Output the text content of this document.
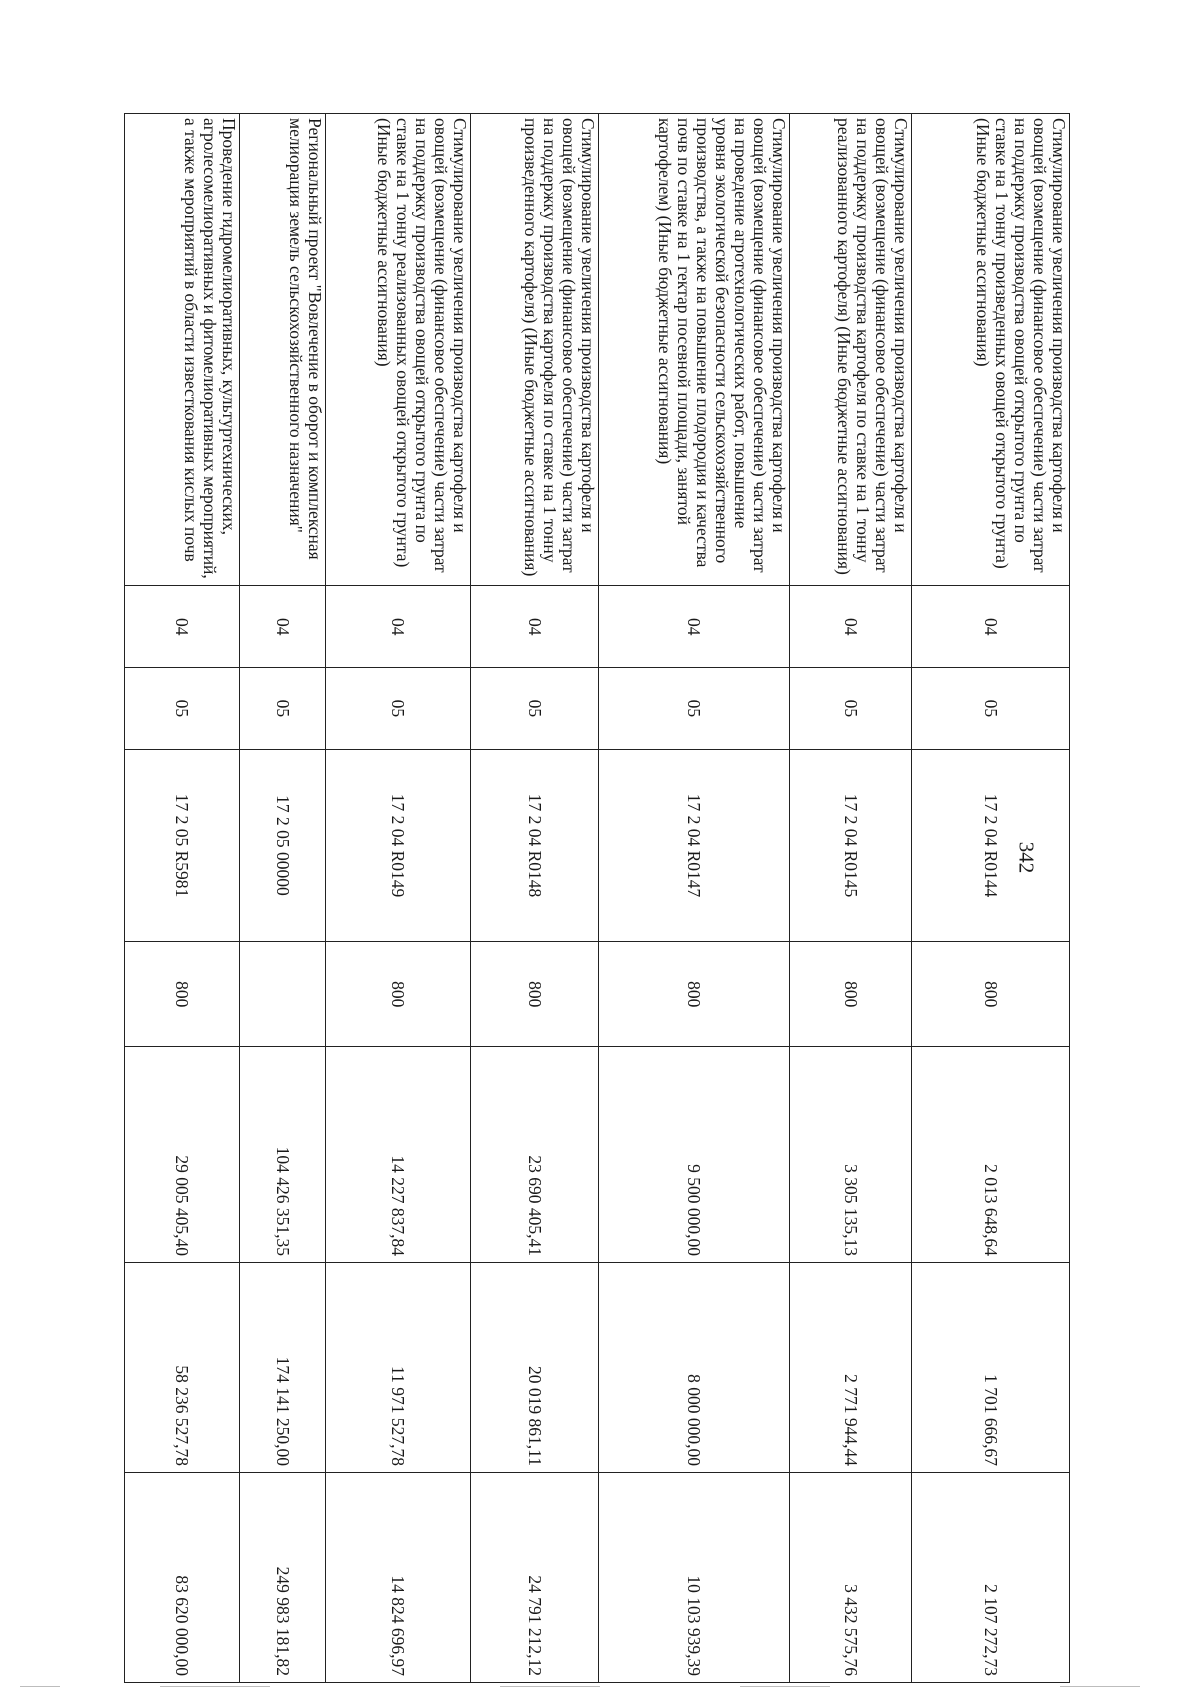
342
Стимулирование увеличения производства картофеля и овощей (возмещение (финансовое обеспечение) части затрат на поддержку производства овощей открытого грунта по ставке на 1 тонну произведенных овощей открытого грунта) (Иные бюджетные ассигнования)	04	05	17 2 04 R0144	800	2 013 648,64	1 701 666,67	2 107 272,73
Стимулирование увеличения производства картофеля и овощей (возмещение (финансовое обеспечение) части затрат на поддержку производства картофеля по ставке на 1 тонну реализованного картофеля) (Иные бюджетные ассигнования)	04	05	17 2 04 R0145	800	3 305 135,13	2 771 944,44	3 432 575,76
Стимулирование увеличения производства картофеля и овощей (возмещение (финансовое обеспечение) части затрат на проведение агротехнологических работ, повышение уровня экологической безопасности сельскохозяйственного производства, а также на повышение плодородия и качества почв по ставке на 1 гектар посевной площади, занятой картофелем) (Иные бюджетные ассигнования)	04	05	17 2 04 R0147	800	9 500 000,00	8 000 000,00	10 103 939,39
Стимулирование увеличения производства картофеля и овощей (возмещение (финансовое обеспечение) части затрат на поддержку производства картофеля по ставке на 1 тонну произведенного картофеля) (Иные бюджетные ассигнования)	04	05	17 2 04 R0148	800	23 690 405,41	20 019 861,11	24 791 212,12
Стимулирование увеличения производства картофеля и овощей (возмещение (финансовое обеспечение) части затрат на поддержку производства овощей открытого грунта по ставке на 1 тонну реализованных овощей открытого грунта) (Иные бюджетные ассигнования)	04	05	17 2 04 R0149	800	14 227 837,84	11 971 527,78	14 824 696,97
Региональный проект "Вовлечение в оборот и комплексная мелиорация земель сельскохозяйственного назначения"	04	05	17 2 05 00000		104 426 351,35	174 141 250,00	249 983 181,82
Проведение гидромелиоративных, культуртехнических, агролесомелиоративных и фитомелиоративных мероприятий, а также мероприятий в области известкования кислых почв	04	05	17 2 05 R5981	800	29 005 405,40	58 236 527,78	83 620 000,00
